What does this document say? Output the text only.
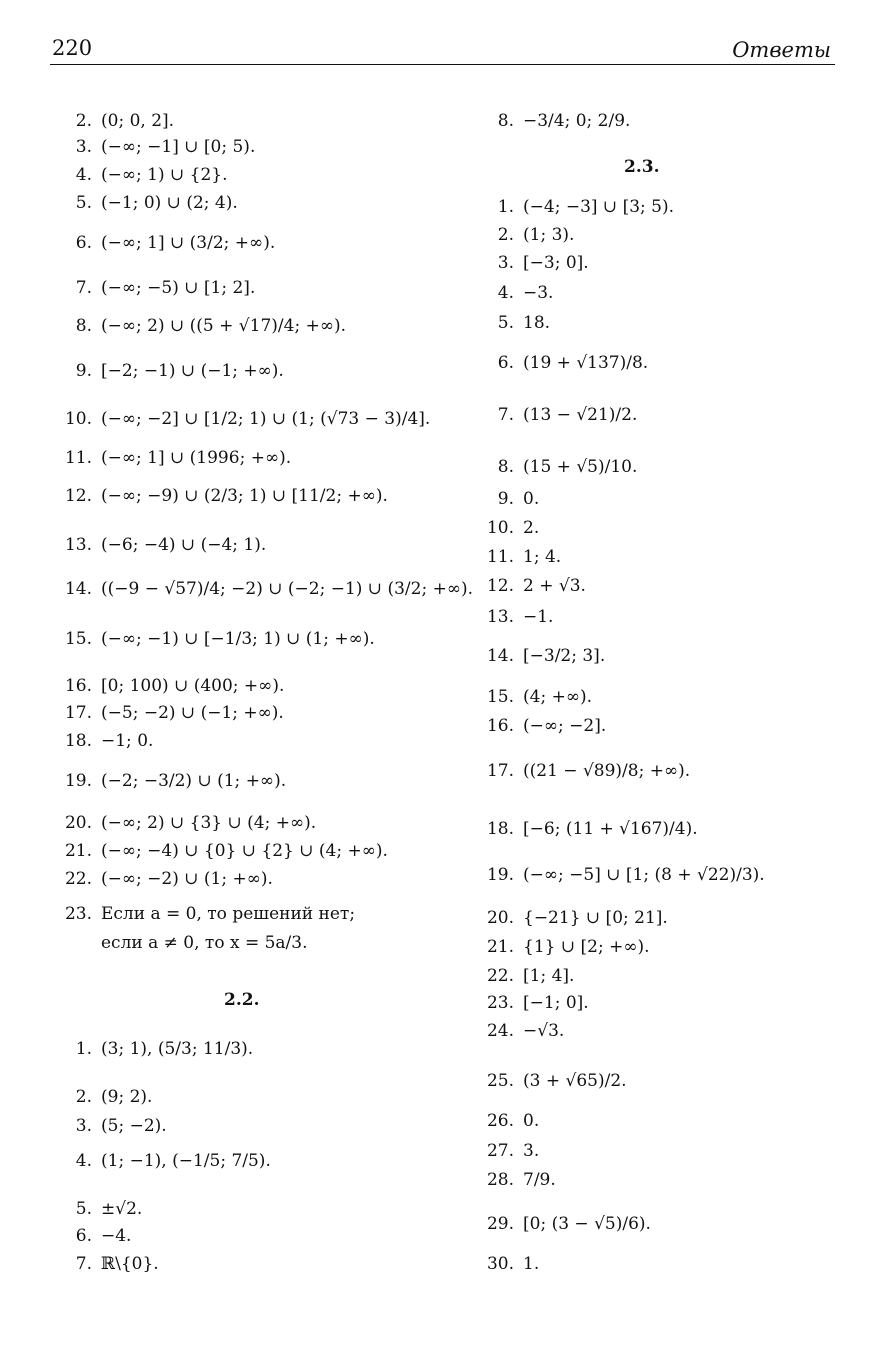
220	Ответы
2. (0; 0, 2].
3. (−∞; −1] ∪ [0; 5).
4. (−∞; 1) ∪ {2}.
5. (−1; 0) ∪ (2; 4).
6. (−∞; 1] ∪ (3/2; +∞).
7. (−∞; −5) ∪ [1; 2].
8. (−∞; 2) ∪ ((5 + √17)/4; +∞).
9. [−2; −1) ∪ (−1; +∞).
10. (−∞; −2] ∪ [1/2; 1) ∪ (1; (√73 − 3)/4].
11. (−∞; 1] ∪ (1996; +∞).
12. (−∞; −9) ∪ (2/3; 1) ∪ [11/2; +∞).
13. (−6; −4) ∪ (−4; 1).
14. ((−9 − √57)/4; −2) ∪ (−2; −1) ∪ (3/2; +∞).
15. (−∞; −1) ∪ [−1/3; 1) ∪ (1; +∞).
16. [0; 100) ∪ (400; +∞).
17. (−5; −2) ∪ (−1; +∞).
18. −1; 0.
19. (−2; −3/2) ∪ (1; +∞).
20. (−∞; 2) ∪ {3} ∪ (4; +∞).
21. (−∞; −4) ∪ {0} ∪ {2} ∪ (4; +∞).
22. (−∞; −2) ∪ (1; +∞).
23. Если a = 0, то решений нет;
если a ≠ 0, то x = 5a/3.
2.2.
1. (3; 1), (5/3; 11/3).
2. (9; 2).
3. (5; −2).
4. (1; −1), (−1/5; 7/5).
5. ±√2.
6. −4.
7. ℝ\{0}.
8. −3/4; 0; 2/9.
2.3.
1. (−4; −3] ∪ [3; 5).
2. (1; 3).
3. [−3; 0].
4. −3.
5. 18.
6. (19 + √137)/8.
7. (13 − √21)/2.
8. (15 + √5)/10.
9. 0.
10. 2.
11. 1; 4.
12. 2 + √3.
13. −1.
14. [−3/2; 3].
15. (4; +∞).
16. (−∞; −2].
17. ((21 − √89)/8; +∞).
18. [−6; (11 + √167)/4).
19. (−∞; −5] ∪ [1; (8 + √22)/3).
20. {−21} ∪ [0; 21].
21. {1} ∪ [2; +∞).
22. [1; 4].
23. [−1; 0].
24. −√3.
25. (3 + √65)/2.
26. 0.
27. 3.
28. 7/9.
29. [0; (3 − √5)/6).
30. 1.
